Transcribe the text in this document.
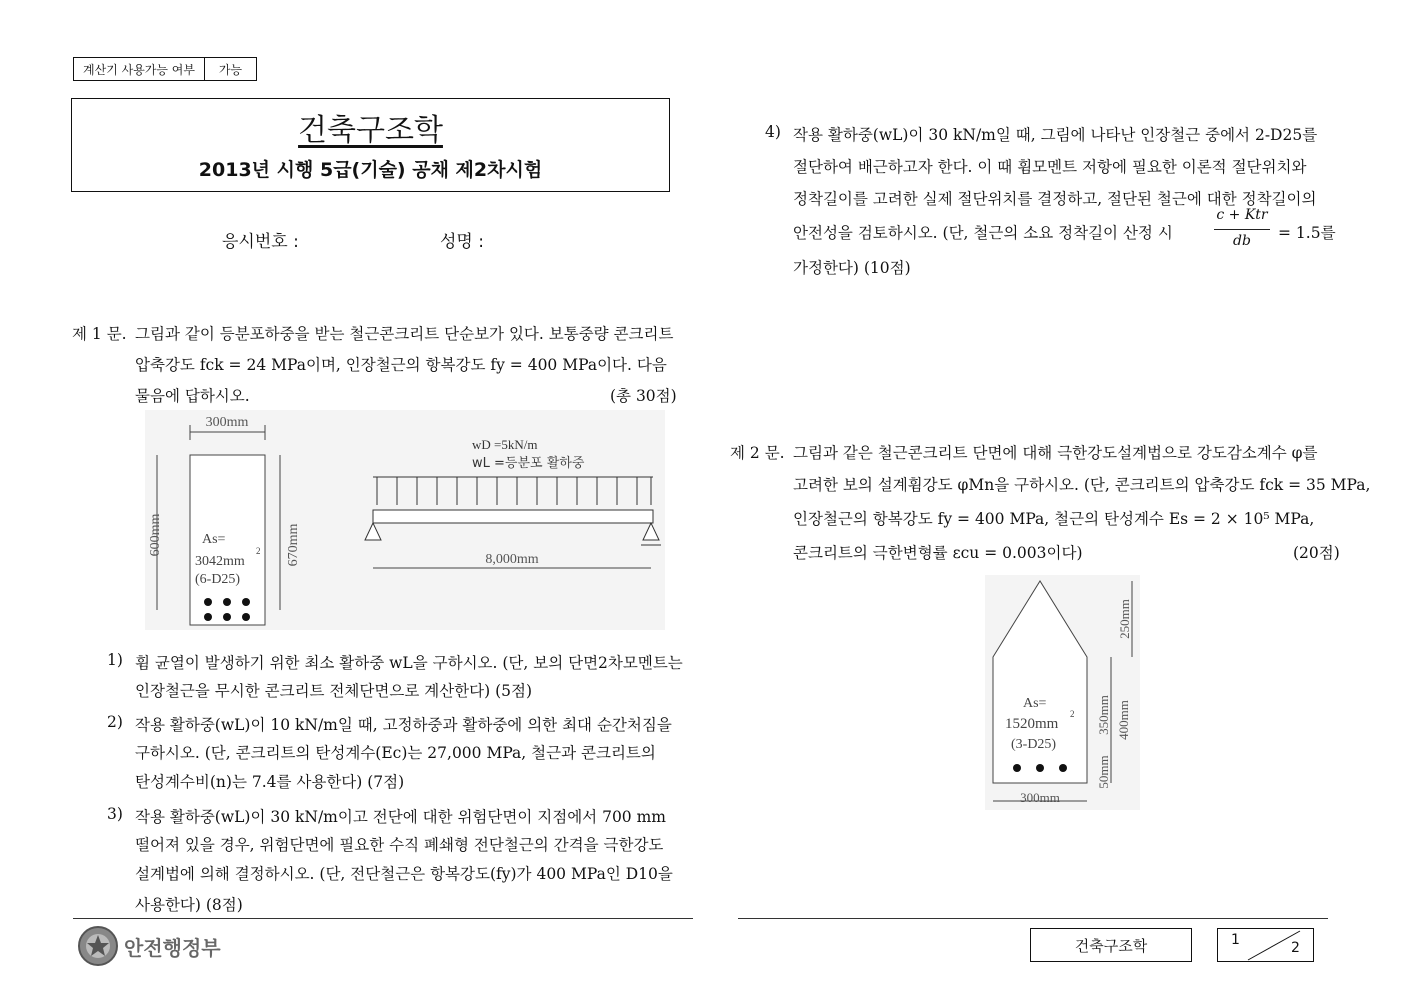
계산기 사용가능 여부	가능
건축구조학
2013년 시행 5급(기술) 공채 제2차시험
응시번호 :	성명 :
제 1 문. 그림과 같이 등분포하중을 받는 철근콘크리트 단순보가 있다. 보통중량 콘크리트
압축강도 fck = 24 MPa이며, 인장철근의 항복강도 fy = 400 MPa이다. 다음
물음에 답하시오.	(총 30점)
300mm
600mm	670mm
As=
3042mm
2
(6-D25)
wD =5kN/m
wL =등분포 활하중
8,000mm
1) 휨 균열이 발생하기 위한 최소 활하중 wL을 구하시오. (단, 보의 단면2차모멘트는
인장철근을 무시한 콘크리트 전체단면으로 계산한다) (5점)
2) 작용 활하중(wL)이 10 kN/m일 때, 고정하중과 활하중에 의한 최대 순간처짐을
구하시오. (단, 콘크리트의 탄성계수(Ec)는 27,000 MPa, 철근과 콘크리트의
탄성계수비(n)는 7.4를 사용한다) (7점)
3) 작용 활하중(wL)이 30 kN/m이고 전단에 대한 위험단면이 지점에서 700 mm
떨어져 있을 경우, 위험단면에 필요한 수직 폐쇄형 전단철근의 간격을 극한강도
설계법에 의해 결정하시오. (단, 전단철근은 항복강도(fy)가 400 MPa인 D10을
사용한다) (8점)
4) 작용 활하중(wL)이 30 kN/m일 때, 그림에 나타난 인장철근 중에서 2-D25를
절단하여 배근하고자 한다. 이 때 휨모멘트 저항에 필요한 이론적 절단위치와
정착길이를 고려한 실제 절단위치를 결정하고, 절단된 철근에 대한 정착길이의
안전성을 검토하시오. (단, 철근의 소요 정착길이 산정 시
c + Ktr
db	= 1.5를
가정한다) (10점)
제 2 문. 그림과 같은 철근콘크리트 단면에 대해 극한강도설계법으로 강도감소계수 φ를
고려한 보의 설계휨강도 φMn을 구하시오. (단, 콘크리트의 압축강도 fck = 35 MPa,
인장철근의 항복강도 fy = 400 MPa, 철근의 탄성계수 Es = 2 × 10⁵ MPa,
콘크리트의 극한변형률 εcu = 0.003이다)	(20점)
As=
1520mm
2
(3-D25)
300mm
250mm
400mm
350mm
50mm
안전행정부	건축구조학	1	2
